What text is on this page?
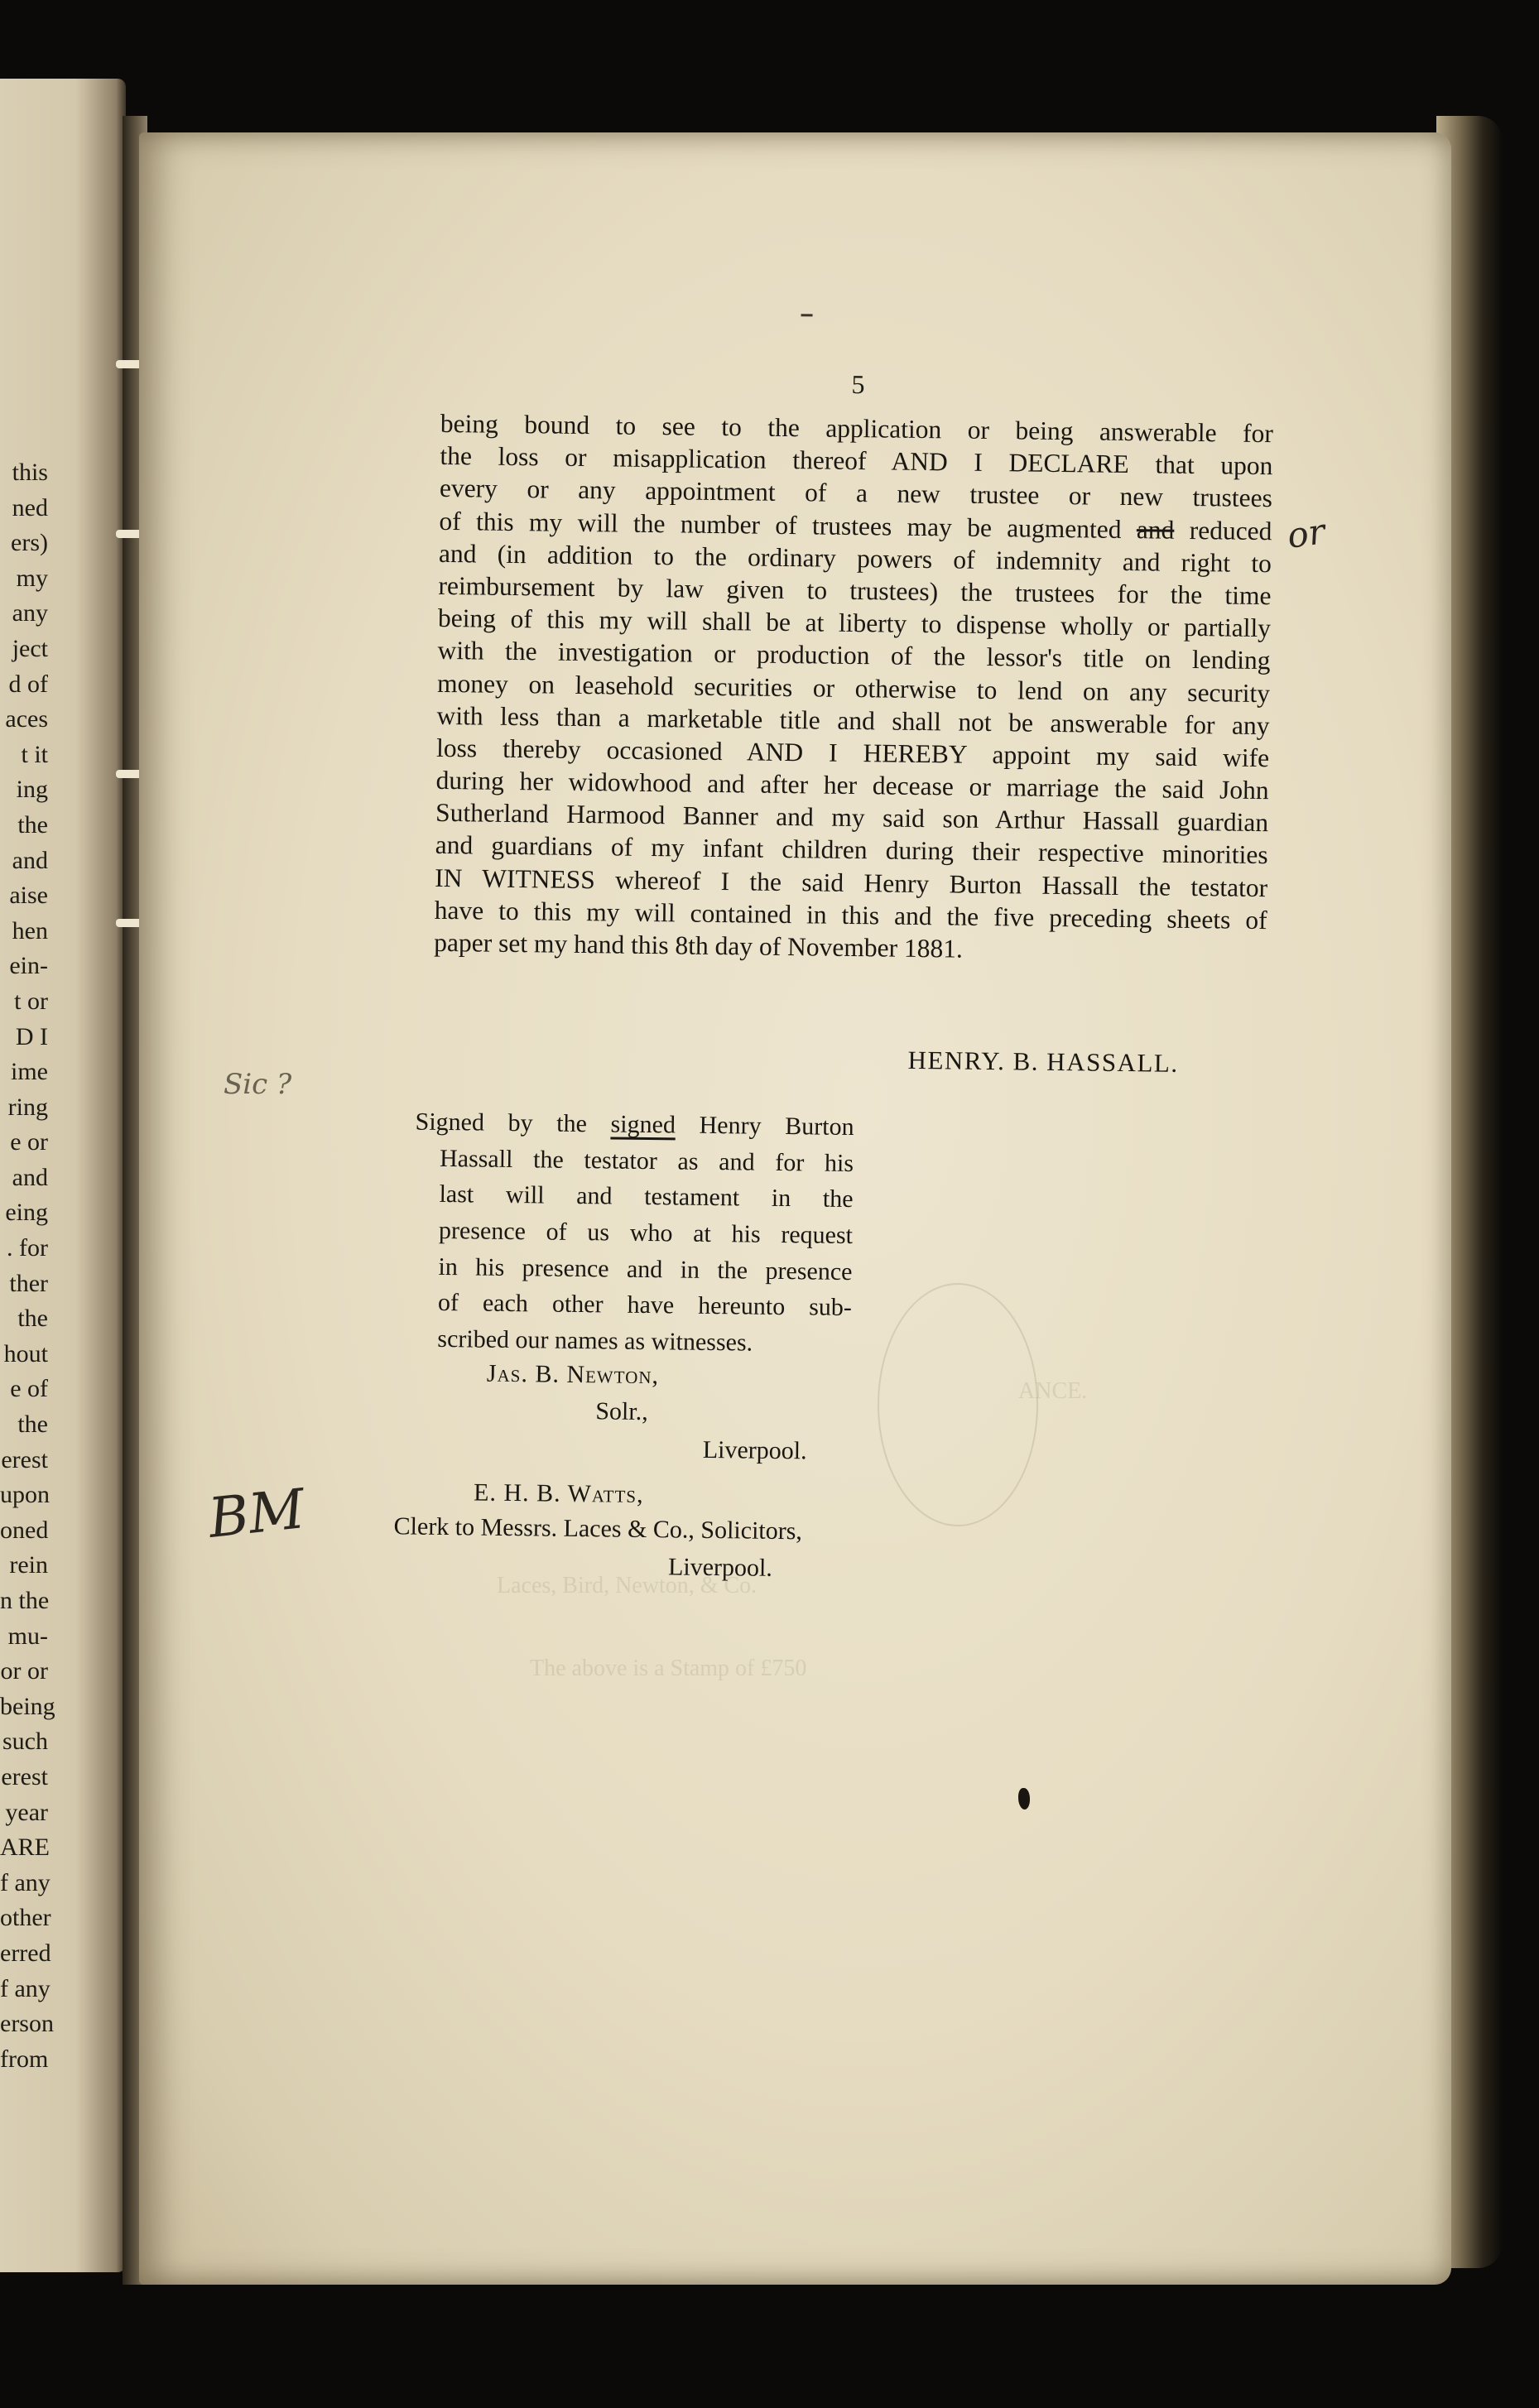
this
ned
ers)
my
any
ject
d of
aces
t it
ing
the
and
aise
hen
ein-
t or
D I
ime
ring
e or
and
eing
. for
ther
the
hout
e of
the
erest
upon
oned
rein
n the
mu-
or or
being
such
erest
year
ARE
f any
other
erred
f any
erson
from
ANCE.
Laces, Bird, Newton, & Co.
The above is a Stamp of £750
5
being bound to see to the application or being answerable for
the loss or misapplication thereof AND I DECLARE that upon
every or any appointment of a new trustee or new trustees
of this my will the number of trustees may be augmented and reduced
and (in addition to the ordinary powers of indemnity and right to
reimbursement by law given to trustees) the trustees for the time
being of this my will shall be at liberty to dispense wholly or partially
with the investigation or production of the lessor's title on lending
money on leasehold securities or otherwise to lend on any security
with less than a marketable title and shall not be answerable for any
loss thereby occasioned AND I HEREBY appoint my said wife
during her widowhood and after her decease or marriage the said John
Sutherland Harmood Banner and my said son Arthur Hassall guardian
and guardians of my infant children during their respective minorities
IN WITNESS whereof I the said Henry Burton Hassall the testator
have to this my will contained in this and the five preceding sheets of
paper set my hand this 8th day of November 1881.
HENRY. B. HASSALL.
Signed by the signed Henry Burton
Hassall the testator as and for his
last will and testament in the
presence of us who at his request
in his presence and in the presence
of each other have hereunto sub-
scribed our names as witnesses.
Jas. B. Newton,
Solr.,
Liverpool.
E. H. B. Watts,
Clerk to Messrs. Laces & Co., Solicitors,
Liverpool.
or
Sic ?
BM
